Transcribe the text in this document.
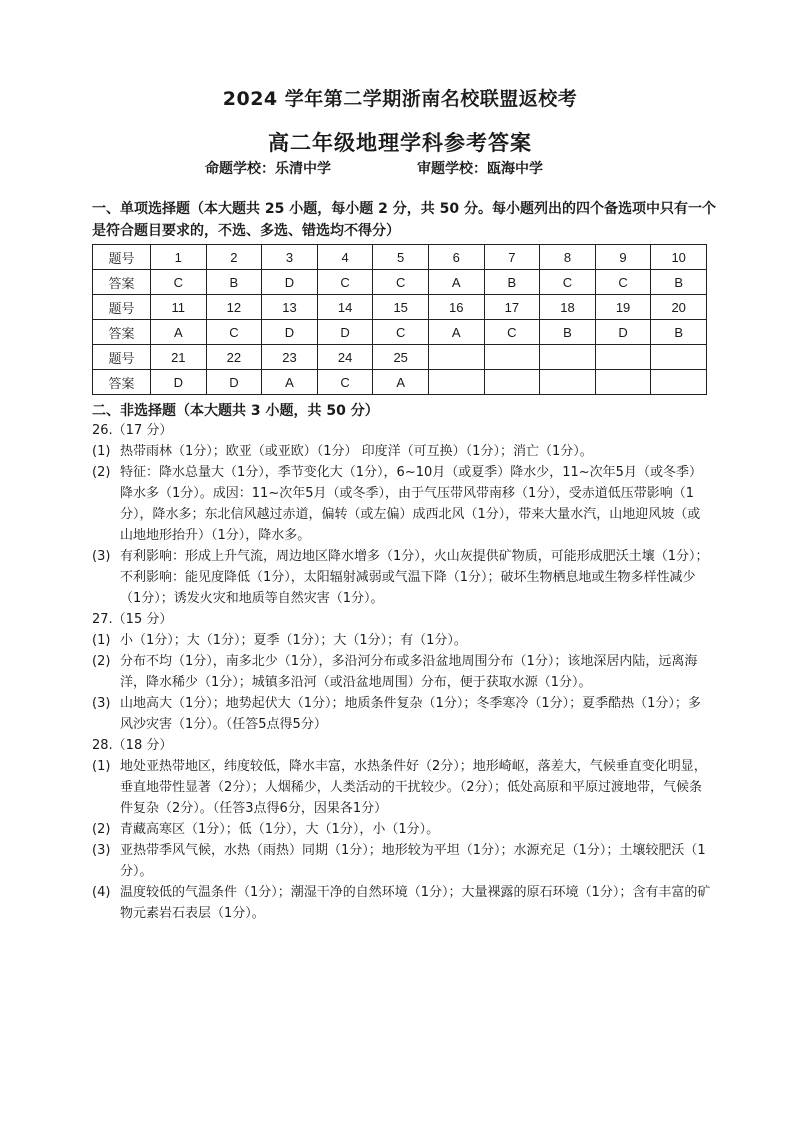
2024 学年第二学期浙南名校联盟返校考
高二年级地理学科参考答案
命题学校：乐清中学	审题学校：瓯海中学
一、单项选择题（本大题共 25 小题，每小题 2 分，共 50 分。每小题列出的四个备选项中只有一个是符合题目要求的，不选、多选、错选均不得分）
题号	1	2	3	4	5	6	7	8	9	10
答案	C	B	D	C	C	A	B	C	C	B
题号	11	12	13	14	15	16	17	18	19	20
答案	A	C	D	D	C	A	C	B	D	B
题号	21	22	23	24	25					
答案	D	D	A	C	A					
二、非选择题（本大题共 3 小题，共 50 分）
26.（17 分）
(1) 热带雨林（1分）；欧亚（或亚欧）（1分） 印度洋（可互换）（1分）；消亡（1分）。
(2) 特征：降水总量大（1分），季节变化大（1分），6~10月（或夏季）降水少，11~次年5月（或冬季）降水多（1分）。成因：11~次年5月（或冬季），由于气压带风带南移（1分），受赤道低压带影响（1分），降水多；东北信风越过赤道，偏转（或左偏）成西北风（1分），带来大量水汽，山地迎风坡（或山地地形抬升）（1分），降水多。
(3) 有利影响：形成上升气流，周边地区降水增多（1分），火山灰提供矿物质，可能形成肥沃土壤（1分）；不利影响：能见度降低（1分），太阳辐射减弱或气温下降（1分）；破坏生物栖息地或生物多样性减少（1分）；诱发火灾和地质等自然灾害（1分）。
27.（15 分）
(1) 小（1分）；大（1分）；夏季（1分）；大（1分）；有（1分）。
(2) 分布不均（1分），南多北少（1分），多沿河分布或多沿盆地周围分布（1分）；该地深居内陆，远离海洋，降水稀少（1分）；城镇多沿河（或沿盆地周围）分布，便于获取水源（1分）。
(3) 山地高大（1分）；地势起伏大（1分）；地质条件复杂（1分）；冬季寒冷（1分）；夏季酷热（1分）；多风沙灾害（1分）。（任答5点得5分）
28.（18 分）
(1) 地处亚热带地区，纬度较低，降水丰富，水热条件好（2分）；地形崎岖，落差大，气候垂直变化明显，垂直地带性显著（2分）；人烟稀少，人类活动的干扰较少。（2分）；低处高原和平原过渡地带，气候条件复杂（2分）。（任答3点得6分，因果各1分）
(2) 青藏高寒区（1分）；低（1分），大（1分），小（1分）。
(3) 亚热带季风气候，水热（雨热）同期（1分）；地形较为平坦（1分）；水源充足（1分）；土壤较肥沃（1分）。
(4) 温度较低的气温条件（1分）；潮湿干净的自然环境（1分）；大量裸露的原石环境（1分）；含有丰富的矿物元素岩石表层（1分）。
